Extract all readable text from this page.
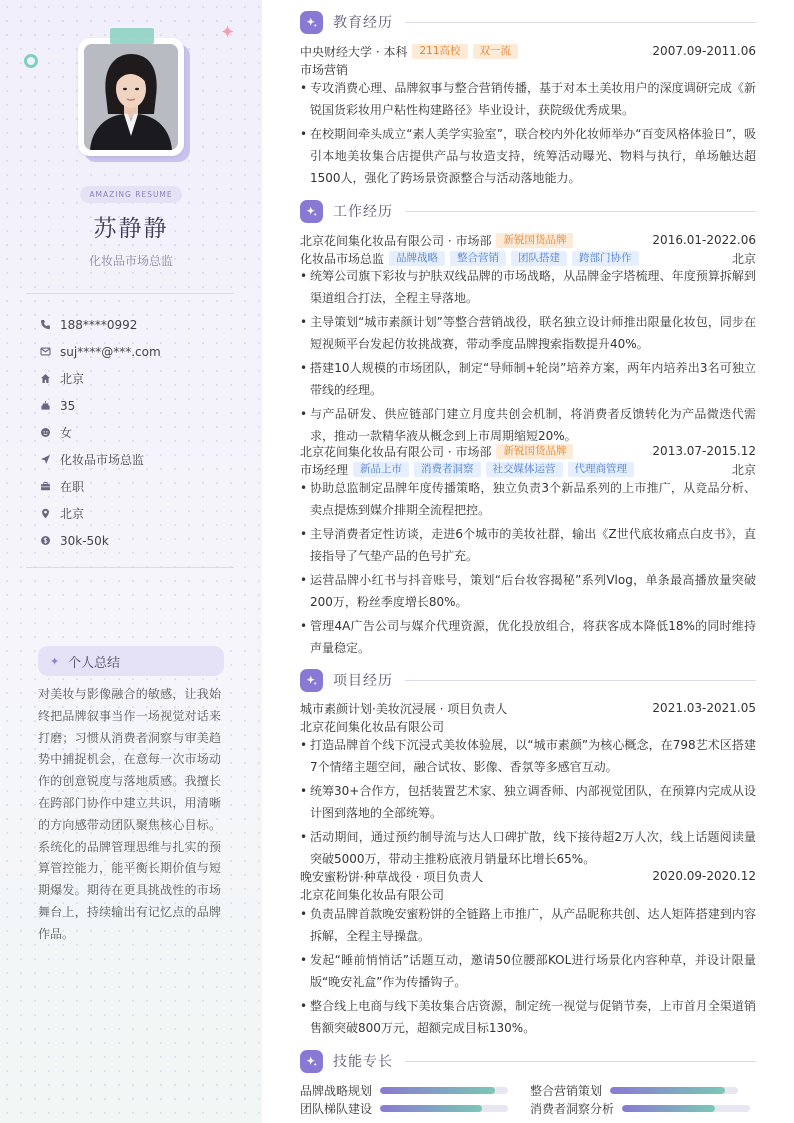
✦
AMAZING RESUME
苏静静
化妆品市场总监
188****0992
suj****@***.com
北京
35
女
化妆品市场总监
在职
北京
30k-50k
✦ 个人总结
对美妆与影像融合的敏感，让我始终把品牌叙事当作一场视觉对话来打磨；习惯从消费者洞察与审美趋势中捕捉机会，在意每一次市场动作的创意锐度与落地质感。我擅长在跨部门协作中建立共识，用清晰的方向感带动团队聚焦核心目标。系统化的品牌管理思维与扎实的预算管控能力，能平衡长期价值与短期爆发。期待在更具挑战性的市场舞台上，持续输出有记忆点的品牌作品。
教育经历
中央财经大学 · 本科	211高校	双一流	2007.09-2011.06
市场营销
• 专攻消费心理、品牌叙事与整合营销传播，基于对本土美妆用户的深度调研完成《新锐国货彩妆用户粘性构建路径》毕业设计，获院级优秀成果。
• 在校期间牵头成立“素人美学实验室”，联合校内外化妆师举办“百变风格体验日”，吸引本地美妆集合店提供产品与妆造支持，统筹活动曝光、物料与执行，单场触达超1500人，强化了跨场景资源整合与活动落地能力。
工作经历
北京花间集化妆品有限公司 · 市场部	新锐国货品牌	2016.01-2022.06
化妆品市场总监	品牌战略	整合营销	团队搭建	跨部门协作	北京
• 统筹公司旗下彩妆与护肤双线品牌的市场战略，从品牌金字塔梳理、年度预算拆解到渠道组合打法，全程主导落地。
• 主导策划“城市素颜计划”等整合营销战役，联名独立设计师推出限量化妆包，同步在短视频平台发起仿妆挑战赛，带动季度品牌搜索指数提升40%。
• 搭建10人规模的市场团队，制定“导师制+轮岗”培养方案，两年内培养出3名可独立带线的经理。
• 与产品研发、供应链部门建立月度共创会机制，将消费者反馈转化为产品微迭代需求，推动一款精华液从概念到上市周期缩短20%。
北京花间集化妆品有限公司 · 市场部	新锐国货品牌	2013.07-2015.12
市场经理	新品上市	消费者洞察	社交媒体运营	代理商管理	北京
• 协助总监制定品牌年度传播策略，独立负责3个新品系列的上市推广，从竞品分析、卖点提炼到媒介排期全流程把控。
• 主导消费者定性访谈，走进6个城市的美妆社群，输出《Z世代底妆痛点白皮书》，直接指导了气垫产品的色号扩充。
• 运营品牌小红书与抖音账号，策划“后台妆容揭秘”系列Vlog，单条最高播放量突破200万，粉丝季度增长80%。
• 管理4A广告公司与媒介代理资源，优化投放组合，将获客成本降低18%的同时维持声量稳定。
项目经历
城市素颜计划·美妆沉浸展 · 项目负责人	2021.03-2021.05
北京花间集化妆品有限公司
• 打造品牌首个线下沉浸式美妆体验展，以“城市素颜”为核心概念，在798艺术区搭建7个情绪主题空间，融合试妆、影像、香氛等多感官互动。
• 统筹30+合作方，包括装置艺术家、独立调香师、内部视觉团队，在预算内完成从设计图到落地的全部统筹。
• 活动期间，通过预约制导流与达人口碑扩散，线下接待超2万人次，线上话题阅读量突破5000万，带动主推粉底液月销量环比增长65%。
晚安蜜粉饼·种草战役 · 项目负责人	2020.09-2020.12
北京花间集化妆品有限公司
• 负责品牌首款晚安蜜粉饼的全链路上市推广，从产品昵称共创、达人矩阵搭建到内容拆解，全程主导操盘。
• 发起“睡前悄悄话”话题互动，邀请50位腰部KOL进行场景化内容种草，并设计限量版“晚安礼盒”作为传播钩子。
• 整合线上电商与线下美妆集合店资源，制定统一视觉与促销节奏，上市首月全渠道销售额突破800万元，超额完成目标130%。
技能专长
品牌战略规划	整合营销策划
团队梯队建设	消费者洞察分析
